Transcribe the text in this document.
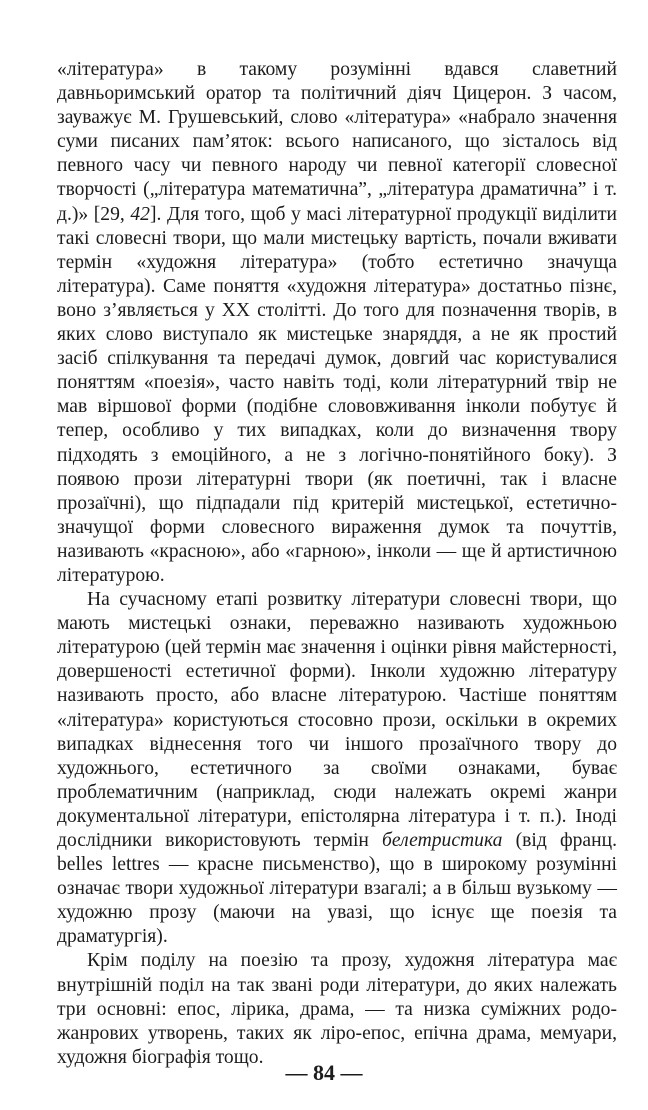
«література» в такому розумінні вдався славетний давньоримський оратор та політичний діяч Цицерон. З часом, зауважує М. Грушевський, слово «література» «набрало значення суми писаних пам’яток: всього написаного, що зісталось від певного часу чи певного народу чи певної категорії словесної творчості („література математична”, „література драматична” і т. д.)» [29, 42]. Для того, щоб у масі літературної продукції виділити такі словесні твори, що мали мистецьку вартість, почали вживати термін «художня література» (тобто естетично значуща література). Саме поняття «художня література» достатньо пізнє, воно з’являється у XX столітті. До того для позначення творів, в яких слово виступало як мистецьке знаряддя, а не як простий засіб спілкування та передачі думок, довгий час користувалися поняттям «поезія», часто навіть тоді, коли літературний твір не мав віршової форми (подібне слововживання інколи побутує й тепер, особливо у тих випадках, коли до визначення твору підходять з емоційного, а не з логічно-понятійного боку). З появою прози літературні твори (як поетичні, так і власне прозаїчні), що підпадали під критерій мистецької, естетично-значущої форми словесного вираження думок та почуттів, називають «красною», або «гарною», інколи — ще й артистичною літературою.

На сучасному етапі розвитку літератури словесні твори, що мають мистецькі ознаки, переважно називають художньою літературою (цей термін має значення і оцінки рівня майстерності, довершеності естетичної форми). Інколи художню літературу називають просто, або власне літературою. Частіше поняттям «література» користуються стосовно прози, оскільки в окремих випадках віднесення того чи іншого прозаїчного твору до художнього, естетичного за своїми ознаками, буває проблематичним (наприклад, сюди належать окремі жанри документальної літератури, епістолярна література і т. п.). Іноді дослідники використовують термін белетристика (від франц. belles lettres — красне письменство), що в широкому розумінні означає твори художньої літератури взагалі; а в більш вузькому — художню прозу (маючи на увазі, що існує ще поезія та драматургія).

Крім поділу на поезію та прозу, художня література має внутрішній поділ на так звані роди літератури, до яких належать три основні: епос, лірика, драма, — та низка суміжних родо-жанрових утворень, таких як ліро-епос, епічна драма, мемуари, художня біографія тощо.

— 84 —
